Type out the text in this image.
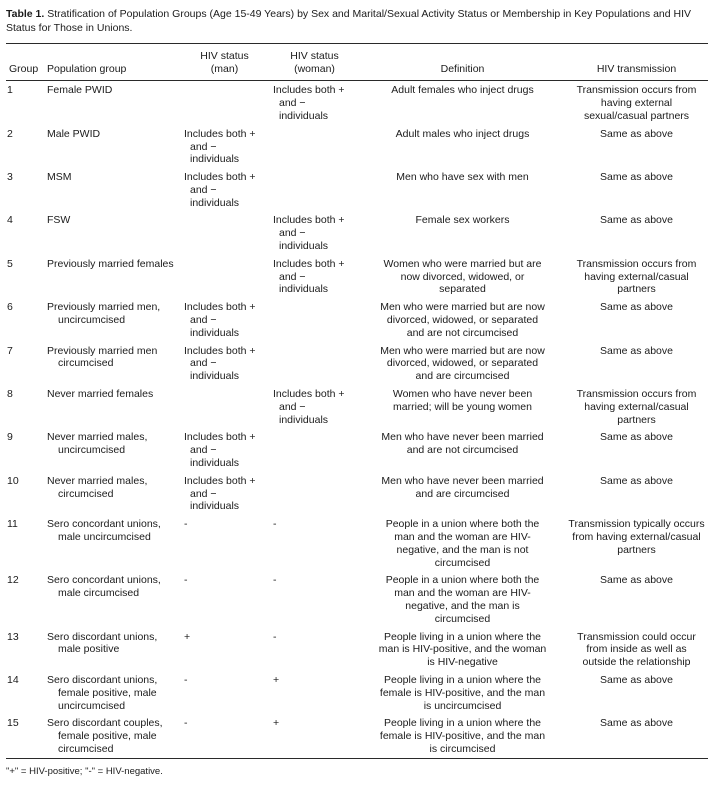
Table 1. Stratification of Population Groups (Age 15-49 Years) by Sex and Marital/Sexual Activity Status or Membership in Key Populations and HIV Status for Those in Unions.

Group	Population group	HIV status (man)	HIV status (woman)	Definition	HIV transmission
1	Female PWID		Includes both + and − individuals	Adult females who inject drugs	Transmission occurs from having external sexual/casual partners
2	Male PWID	Includes both + and − individuals		Adult males who inject drugs	Same as above
3	MSM	Includes both + and − individuals		Men who have sex with men	Same as above
4	FSW		Includes both + and − individuals	Female sex workers	Same as above
5	Previously married females		Includes both + and − individuals	Women who were married but are now divorced, widowed, or separated	Transmission occurs from having external/casual partners
6	Previously married men, uncircumcised	Includes both + and − individuals		Men who were married but are now divorced, widowed, or separated and are not circumcised	Same as above
7	Previously married men circumcised	Includes both + and − individuals		Men who were married but are now divorced, widowed, or separated and are circumcised	Same as above
8	Never married females		Includes both + and − individuals	Women who have never been married; will be young women	Transmission occurs from having external/casual partners
9	Never married males, uncircumcised	Includes both + and − individuals		Men who have never been married and are not circumcised	Same as above
10	Never married males, circumcised	Includes both + and − individuals		Men who have never been married and are circumcised	Same as above
11	Sero concordant unions, male uncircumcised	-	-	People in a union where both the man and the woman are HIV-negative, and the man is not circumcised	Transmission typically occurs from having external/casual partners
12	Sero concordant unions, male circumcised	-	-	People in a union where both the man and the woman are HIV-negative, and the man is circumcised	Same as above
13	Sero discordant unions, male positive	+	-	People living in a union where the man is HIV-positive, and the woman is HIV-negative	Transmission could occur from inside as well as outside the relationship
14	Sero discordant unions, female positive, male uncircumcised	-	+	People living in a union where the female is HIV-positive, and the man is uncircumcised	Same as above
15	Sero discordant couples, female positive, male circumcised	-	+	People living in a union where the female is HIV-positive, and the man is circumcised	Same as above

"+" = HIV-positive; "-" = HIV-negative.
